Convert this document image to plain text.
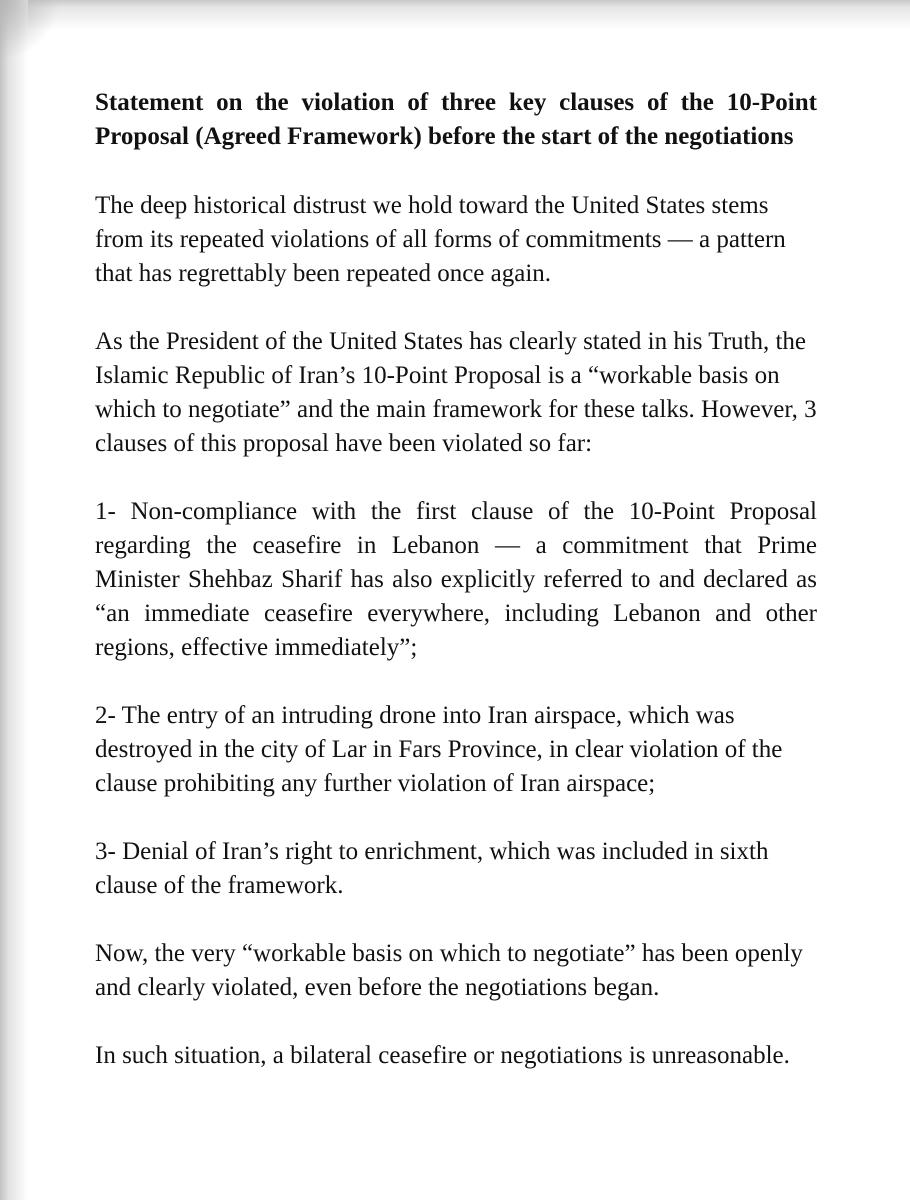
Statement on the violation of three key clauses of the 10-Point Proposal (Agreed Framework) before the start of the negotiations

The deep historical distrust we hold toward the United States stems from its repeated violations of all forms of commitments — a pattern that has regrettably been repeated once again.

As the President of the United States has clearly stated in his Truth, the Islamic Republic of Iran’s 10-Point Proposal is a “workable basis on which to negotiate” and the main framework for these talks. However, 3 clauses of this proposal have been violated so far:

1- Non-compliance with the first clause of the 10-Point Proposal regarding the ceasefire in Lebanon — a commitment that Prime Minister Shehbaz Sharif has also explicitly referred to and declared as “an immediate ceasefire everywhere, including Lebanon and other regions, effective immediately”;

2- The entry of an intruding drone into Iran airspace, which was destroyed in the city of Lar in Fars Province, in clear violation of the clause prohibiting any further violation of Iran airspace;

3- Denial of Iran’s right to enrichment, which was included in sixth clause of the framework.

Now, the very “workable basis on which to negotiate” has been openly and clearly violated, even before the negotiations began.

In such situation, a bilateral ceasefire or negotiations is unreasonable.
